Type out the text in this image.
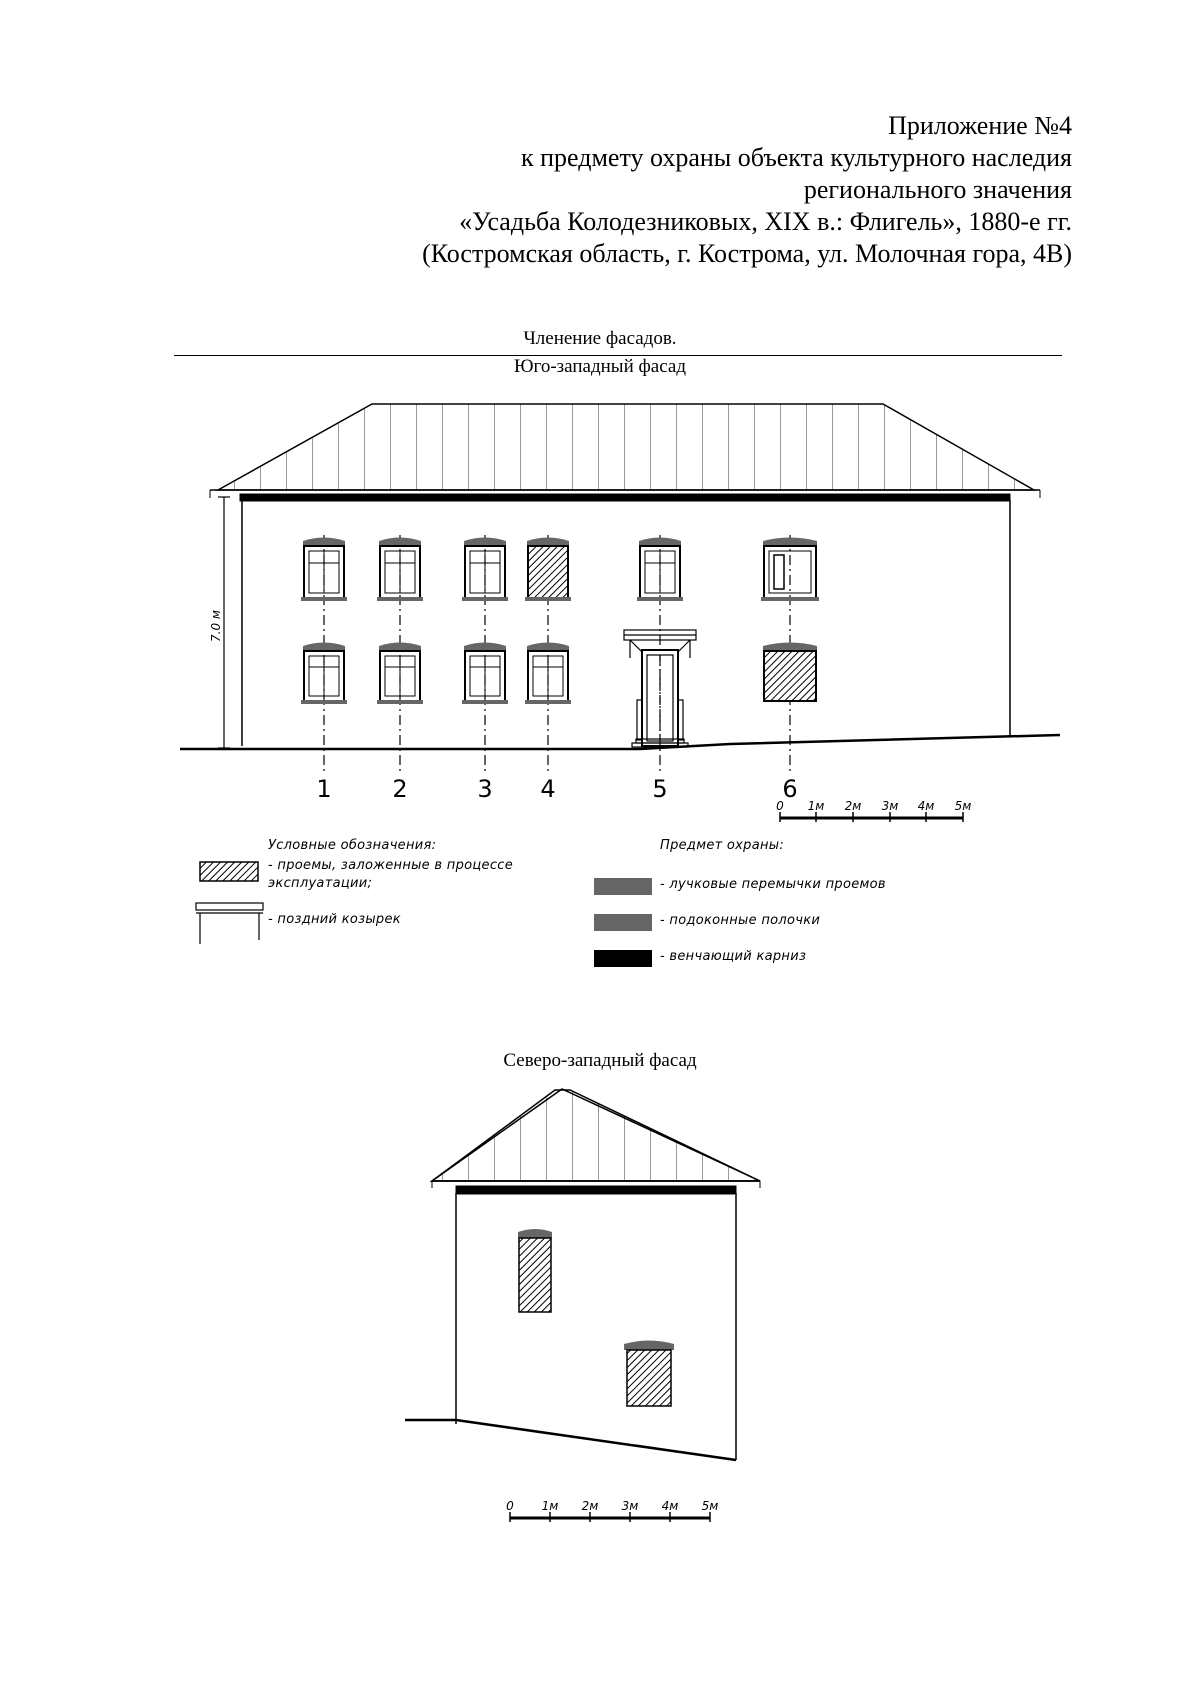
Приложение №4
к предмету охраны объекта культурного наследия
регионального значения
«Усадьба Колодезниковых, XIX в.: Флигель», 1880-е гг.
(Костромская область, г. Кострома, ул. Молочная гора, 4В)
Членение фасадов.
Юго-западный фасад
Северо-западный фасад
7.0 м
1	2	3 4	5	6
0 1м 2м 3м 4м 5м
0 1м 2м 3м 4м 5м
Условные обозначения:
- проемы, заложенные в процессе
эксплуатации;
- поздний козырек
Предмет охраны:
- лучковые перемычки проемов
- подоконные полочки
- венчающий карниз
